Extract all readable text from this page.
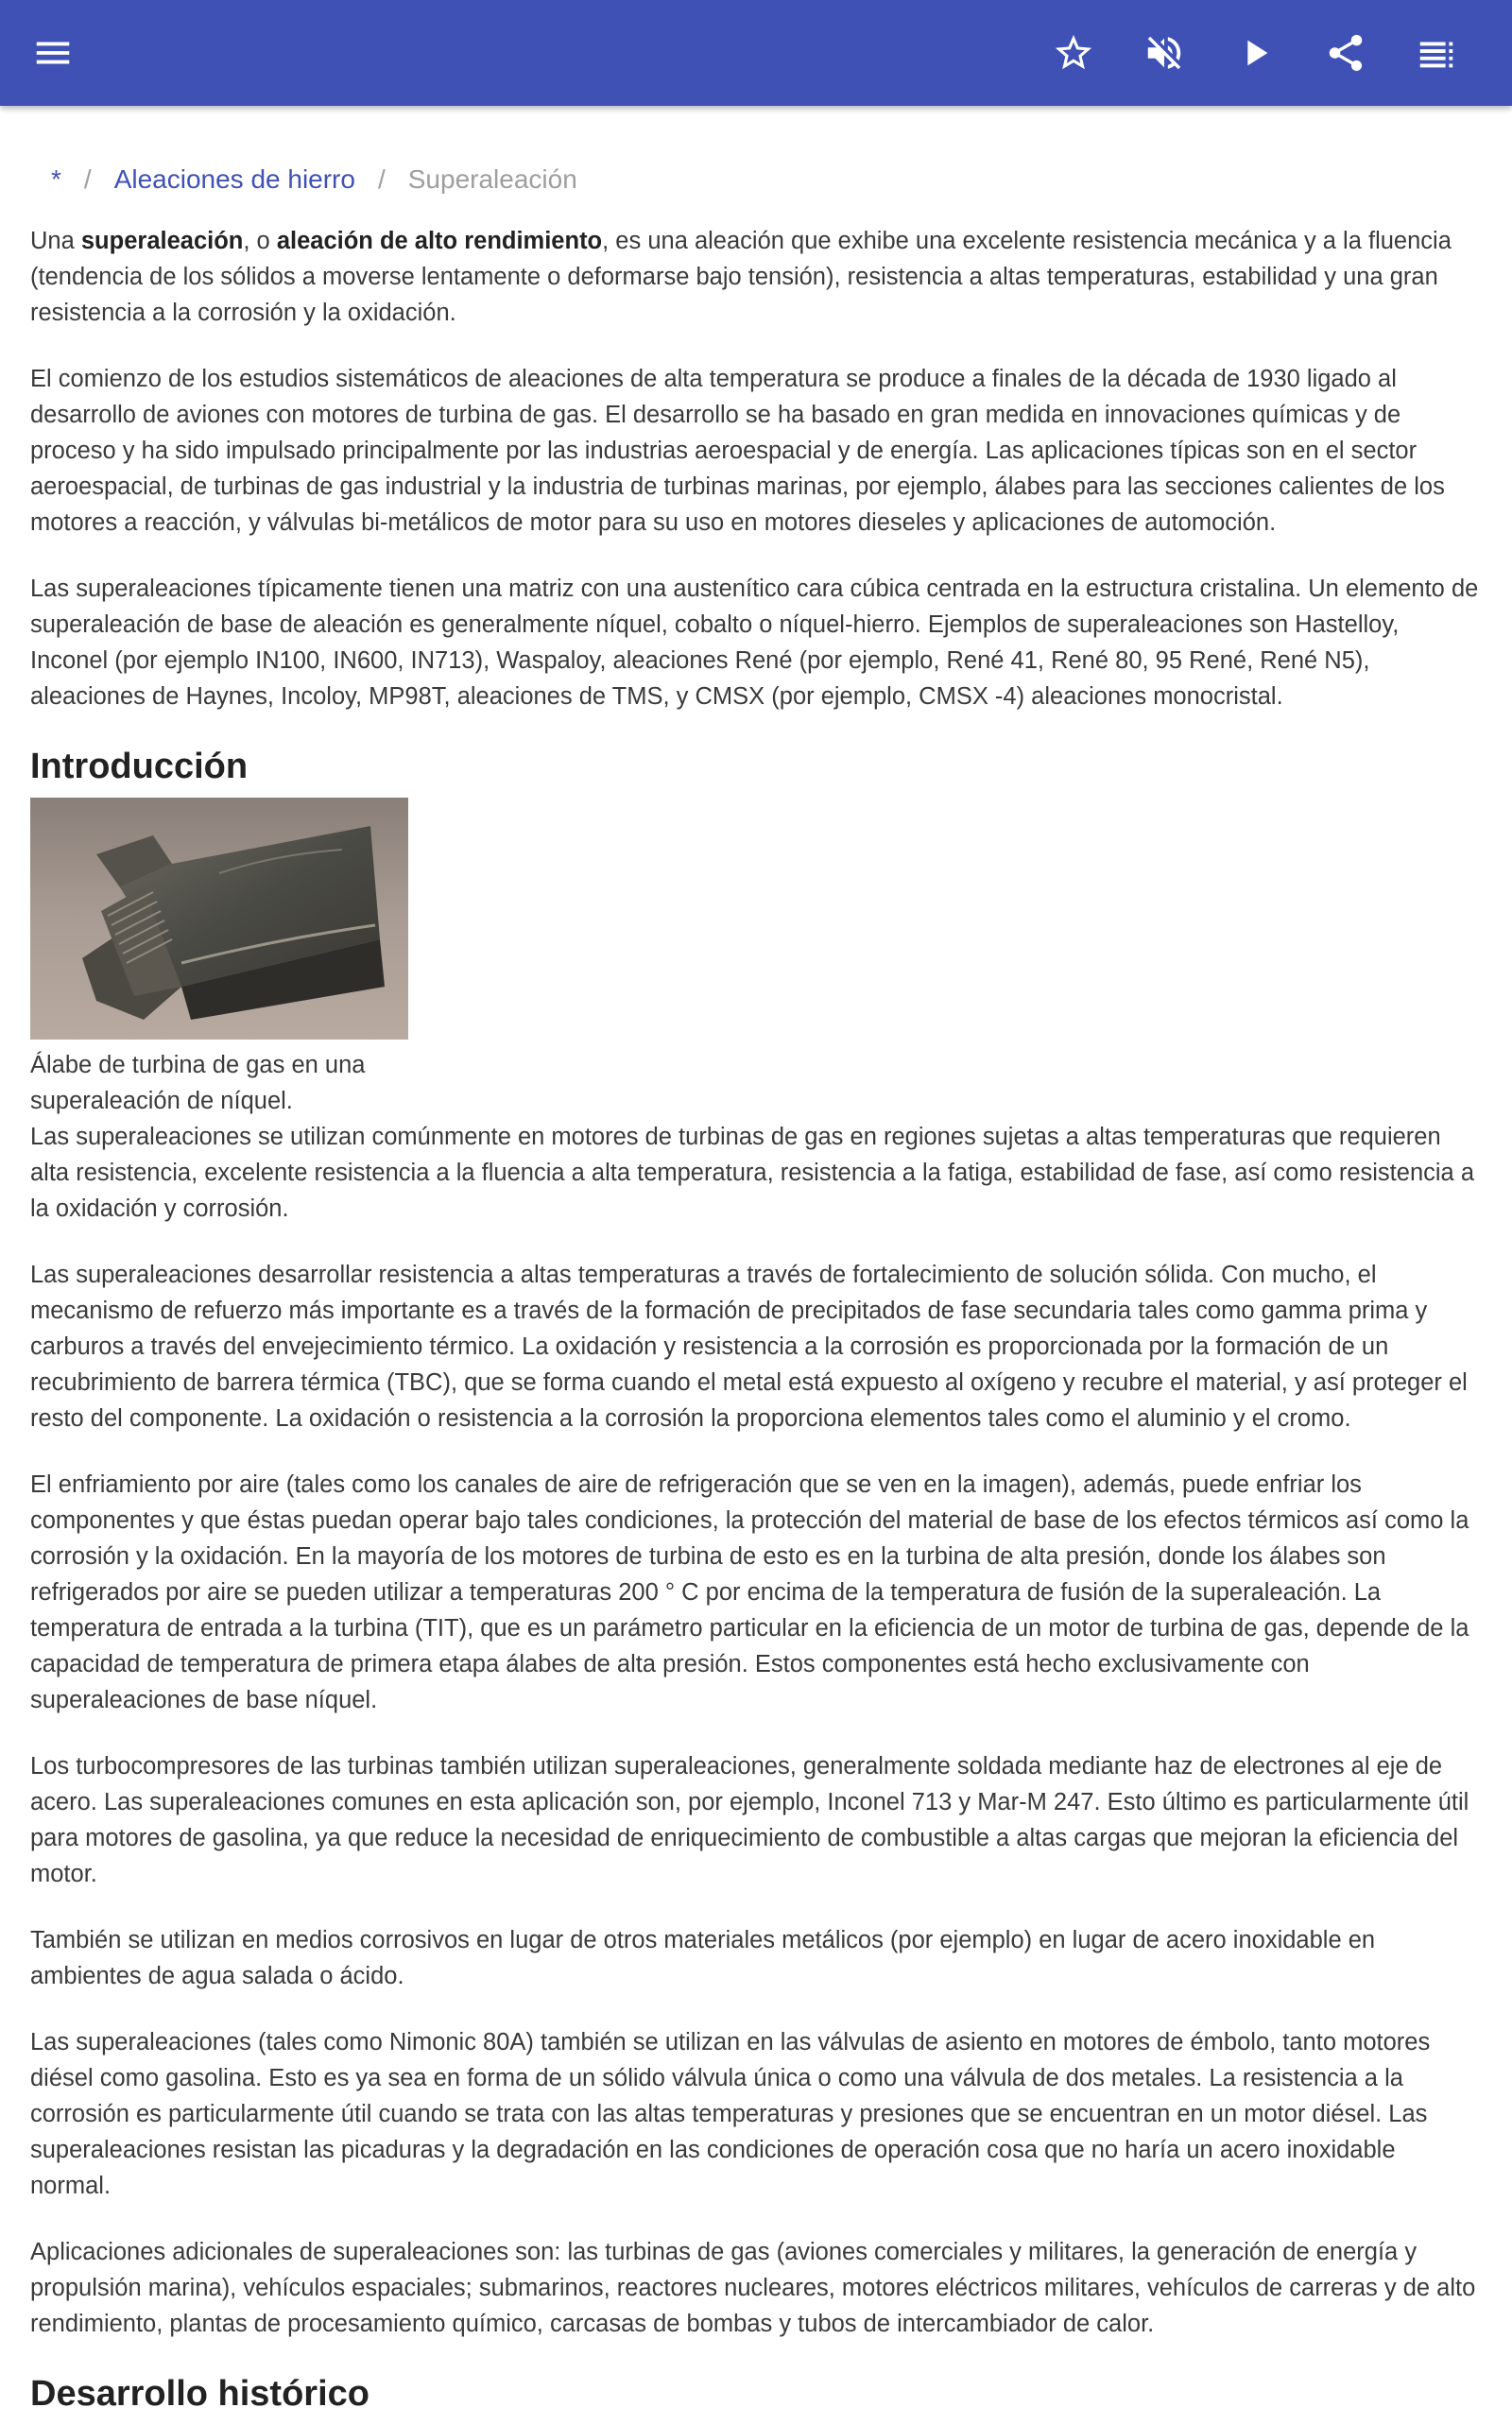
* / Aleaciones de hierro / Superaleación

Una superaleación, o aleación de alto rendimiento, es una aleación que exhibe una excelente resistencia mecánica y a la fluencia (tendencia de los sólidos a moverse lentamente o deformarse bajo tensión), resistencia a altas temperaturas, estabilidad y una gran resistencia a la corrosión y la oxidación.

El comienzo de los estudios sistemáticos de aleaciones de alta temperatura se produce a finales de la década de 1930 ligado al desarrollo de aviones con motores de turbina de gas. El desarrollo se ha basado en gran medida en innovaciones químicas y de proceso y ha sido impulsado principalmente por las industrias aeroespacial y de energía. Las aplicaciones típicas son en el sector aeroespacial, de turbinas de gas industrial y la industria de turbinas marinas, por ejemplo, álabes para las secciones calientes de los motores a reacción, y válvulas bi-metálicos de motor para su uso en motores dieseles y aplicaciones de automoción.

Las superaleaciones típicamente tienen una matriz con una austenítico cara cúbica centrada en la estructura cristalina. Un elemento de superaleación de base de aleación es generalmente níquel, cobalto o níquel-hierro. Ejemplos de superaleaciones son Hastelloy, Inconel (por ejemplo IN100, IN600, IN713), Waspaloy, aleaciones René (por ejemplo, René 41, René 80, 95 René, René N5), aleaciones de Haynes, Incoloy, MP98T, aleaciones de TMS, y CMSX (por ejemplo, CMSX -4) aleaciones monocristal.

Introducción
Álabe de turbina de gas en una superaleación de níquel.

Las superaleaciones se utilizan comúnmente en motores de turbinas de gas en regiones sujetas a altas temperaturas que requieren alta resistencia, excelente resistencia a la fluencia a alta temperatura, resistencia a la fatiga, estabilidad de fase, así como resistencia a la oxidación y corrosión.

Las superaleaciones desarrollar resistencia a altas temperaturas a través de fortalecimiento de solución sólida. Con mucho, el mecanismo de refuerzo más importante es a través de la formación de precipitados de fase secundaria tales como gamma prima y carburos a través del envejecimiento térmico. La oxidación y resistencia a la corrosión es proporcionada por la formación de un recubrimiento de barrera térmica (TBC), que se forma cuando el metal está expuesto al oxígeno y recubre el material, y así proteger el resto del componente. La oxidación o resistencia a la corrosión la proporciona elementos tales como el aluminio y el cromo.

El enfriamiento por aire (tales como los canales de aire de refrigeración que se ven en la imagen), además, puede enfriar los componentes y que éstas puedan operar bajo tales condiciones, la protección del material de base de los efectos térmicos así como la corrosión y la oxidación. En la mayoría de los motores de turbina de esto es en la turbina de alta presión, donde los álabes son refrigerados por aire se pueden utilizar a temperaturas 200 ° C por encima de la temperatura de fusión de la superaleación. La temperatura de entrada a la turbina (TIT), que es un parámetro particular en la eficiencia de un motor de turbina de gas, depende de la capacidad de temperatura de primera etapa álabes de alta presión. Estos componentes está hecho exclusivamente con superaleaciones de base níquel.

Los turbocompresores de las turbinas también utilizan superaleaciones, generalmente soldada mediante haz de electrones al eje de acero. Las superaleaciones comunes en esta aplicación son, por ejemplo, Inconel 713 y Mar-M 247. Esto último es particularmente útil para motores de gasolina, ya que reduce la necesidad de enriquecimiento de combustible a altas cargas que mejoran la eficiencia del motor.

También se utilizan en medios corrosivos en lugar de otros materiales metálicos (por ejemplo) en lugar de acero inoxidable en ambientes de agua salada o ácido.

Las superaleaciones (tales como Nimonic 80A) también se utilizan en las válvulas de asiento en motores de émbolo, tanto motores diésel como gasolina. Esto es ya sea en forma de un sólido válvula única o como una válvula de dos metales. La resistencia a la corrosión es particularmente útil cuando se trata con las altas temperaturas y presiones que se encuentran en un motor diésel. Las superaleaciones resistan las picaduras y la degradación en las condiciones de operación cosa que no haría un acero inoxidable normal.

Aplicaciones adicionales de superaleaciones son: las turbinas de gas (aviones comerciales y militares, la generación de energía y propulsión marina), vehículos espaciales; submarinos, reactores nucleares, motores eléctricos militares, vehículos de carreras y de alto rendimiento, plantas de procesamiento químico, carcasas de bombas y tubos de intercambiador de calor.

Desarrollo histórico
